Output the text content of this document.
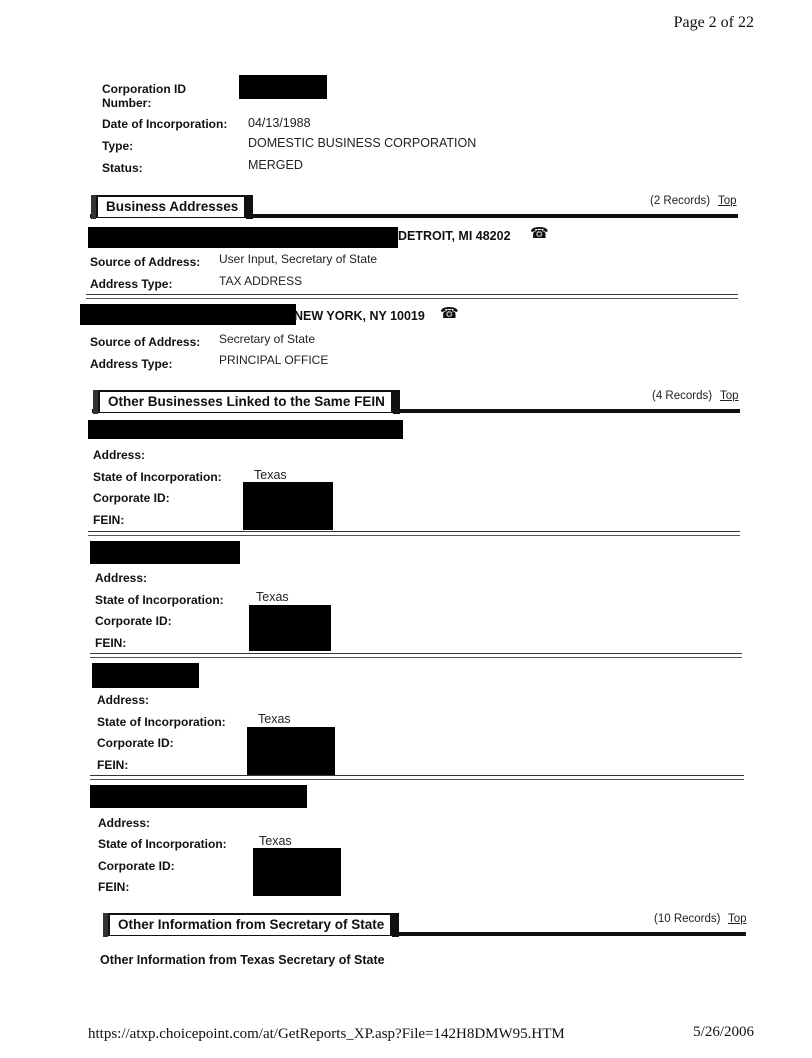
Page 2 of 22
Corporation ID
Number:
Date of Incorporation: 04/13/1988
Type:	DOMESTIC BUSINESS CORPORATION
Status:	MERGED
Business Addresses	(2 Records) Top
DETROIT, MI 48202 ☎
Source of Address: User Input, Secretary of State
Address Type:	TAX ADDRESS
NEW YORK, NY 10019 ☎
Source of Address: Secretary of State
Address Type:	PRINCIPAL OFFICE
Other Businesses Linked to the Same FEIN	(4 Records) Top
Address:
State of Incorporation:	Texas
Corporate ID:
FEIN:
Address:
State of Incorporation:	Texas
Corporate ID:
FEIN:
Address:
State of Incorporation:	Texas
Corporate ID:
FEIN:
Address:
State of Incorporation:	Texas
Corporate ID:
FEIN:
Other Information from Secretary of State	(10 Records) Top
Other Information from Texas Secretary of State
https://atxp.choicepoint.com/at/GetReports_XP.asp?File=142H8DMW95.HTM	5/26/2006
